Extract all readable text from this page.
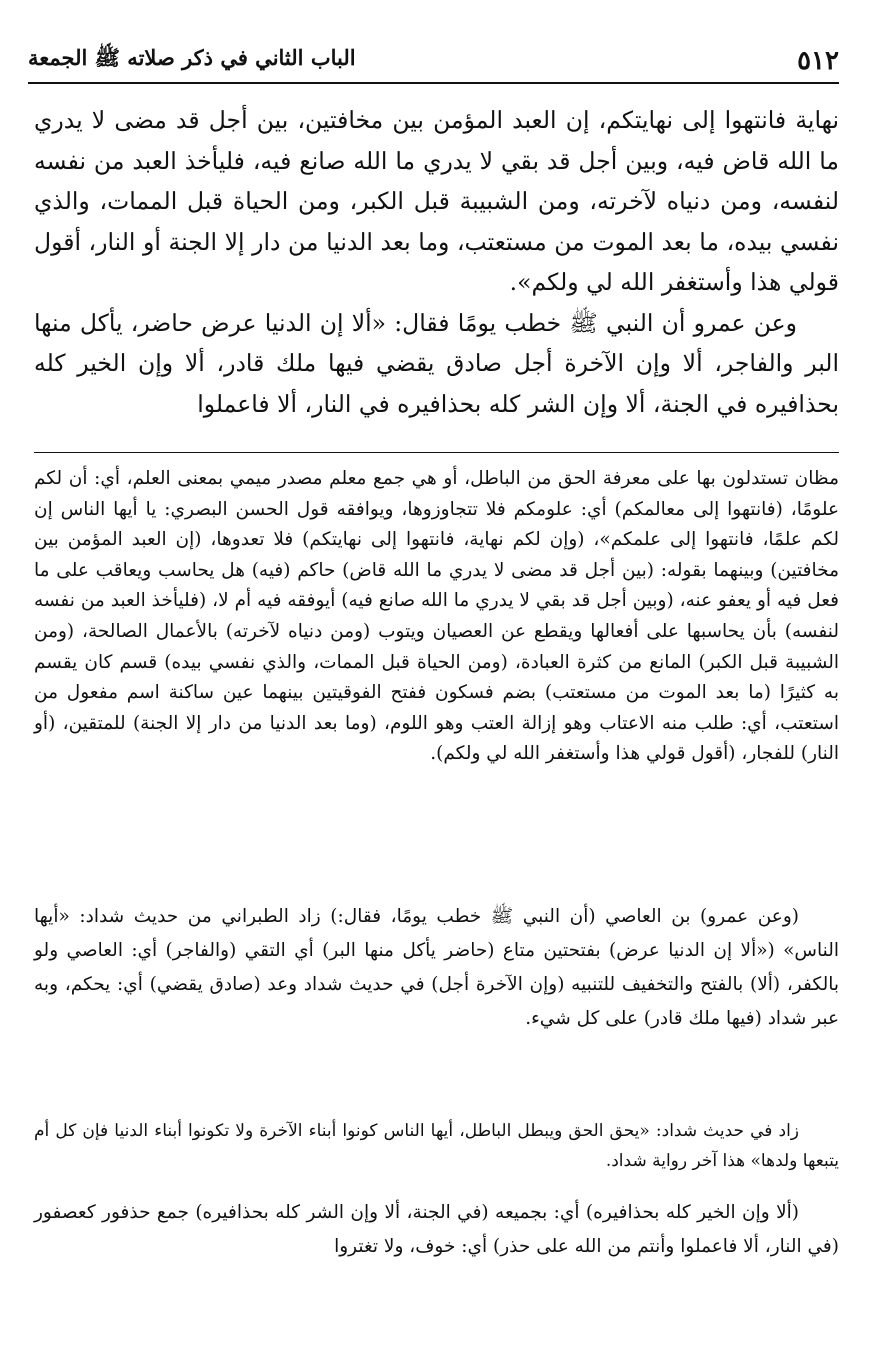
٥١٢
الباب الثاني في ذكر صلاته ﷺ الجمعة

نهاية فانتهوا إلى نهايتكم، إن العبد المؤمن بين مخافتين، بين أجل قد مضى لا يدري ما الله قاض فيه، وبين أجل قد بقي لا يدري ما الله صانع فيه، فليأخذ العبد من نفسه لنفسه، ومن دنياه لآخرته، ومن الشبيبة قبل الكبر، ومن الحياة قبل الممات، والذي نفسي بيده، ما بعد الموت من مستعتب، وما بعد الدنيا من دار إلا الجنة أو النار، أقول قولي هذا وأستغفر الله لي ولكم».

وعن عمرو أن النبي ﷺ خطب يومًا فقال: «ألا إن الدنيا عرض حاضر، يأكل منها البر والفاجر، ألا وإن الآخرة أجل صادق يقضي فيها ملك قادر، ألا وإن الخير كله بحذافيره في الجنة، ألا وإن الشر كله بحذافيره في النار، ألا فاعملوا

مظان تستدلون بها على معرفة الحق من الباطل، أو هي جمع معلم مصدر ميمي بمعنى العلم، أي: أن لكم علومًا، (فانتهوا إلى معالمكم) أي: علومكم فلا تتجاوزوها، ويوافقه قول الحسن البصري: يا أيها الناس إن لكم علمًا، فانتهوا إلى علمكم»، (وإن لكم نهاية، فانتهوا إلى نهايتكم) فلا تعدوها، (إن العبد المؤمن بين مخافتين) وبينهما بقوله: (بين أجل قد مضى لا يدري ما الله قاض) حاكم (فيه) هل يحاسب ويعاقب على ما فعل فيه أو يعفو عنه، (وبين أجل قد بقي لا يدري ما الله صانع فيه) أيوفقه فيه أم لا، (فليأخذ العبد من نفسه لنفسه) بأن يحاسبها على أفعالها ويقطع عن العصيان ويتوب (ومن دنياه لآخرته) بالأعمال الصالحة، (ومن الشبيبة قبل الكبر) المانع من كثرة العبادة، (ومن الحياة قبل الممات، والذي نفسي بيده) قسم كان يقسم به كثيرًا (ما بعد الموت من مستعتب) بضم فسكون ففتح الفوقيتين بينهما عين ساكنة اسم مفعول من استعتب، أي: طلب منه الاعتاب وهو إزالة العتب وهو اللوم، (وما بعد الدنيا من دار إلا الجنة) للمتقين، (أو النار) للفجار، (أقول قولي هذا وأستغفر الله لي ولكم).

(وعن عمرو) بن العاصي (أن النبي ﷺ خطب يومًا، فقال:) زاد الطبراني من حديث شداد: «أيها الناس» («ألا إن الدنيا عرض) بفتحتين متاع (حاضر يأكل منها البر) أي التقي (والفاجر) أي: العاصي ولو بالكفر، (ألا) بالفتح والتخفيف للتنبيه (وإن الآخرة أجل) في حديث شداد وعد (صادق يقضي) أي: يحكم، وبه عبر شداد (فيها ملك قادر) على كل شيء.

زاد في حديث شداد: «يحق الحق ويبطل الباطل، أيها الناس كونوا أبناء الآخرة ولا تكونوا أبناء الدنيا فإن كل أم يتبعها ولدها» هذا آخر رواية شداد.

(ألا وإن الخير كله بحذافيره) أي: بجميعه (في الجنة، ألا وإن الشر كله بحذافيره) جمع حذفور كعصفور (في النار، ألا فاعملوا وأنتم من الله على حذر) أي: خوف، ولا تغتروا
